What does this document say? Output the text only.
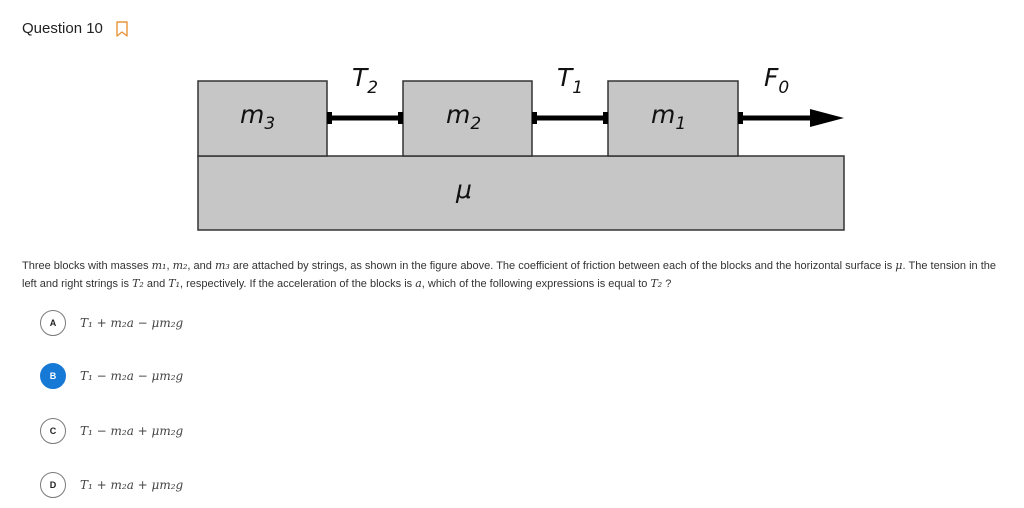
Question 10
$m_3$	$m_2$	$m_1$
$T_2$	$T_1$	$F_0$
μ
Three blocks with masses m₁, m₂, and m₃ are attached by strings, as shown in the figure above. The coefficient of friction between each of the blocks and the horizontal surface is μ. The tension in the left and right strings is T₂ and T₁, respectively. If the acceleration of the blocks is a, which of the following expressions is equal to T₂ ?
A	T₁ + m₂a − μm₂g
B	T₁ − m₂a − μm₂g
C	T₁ − m₂a + μm₂g
D	T₁ + m₂a + μm₂g
